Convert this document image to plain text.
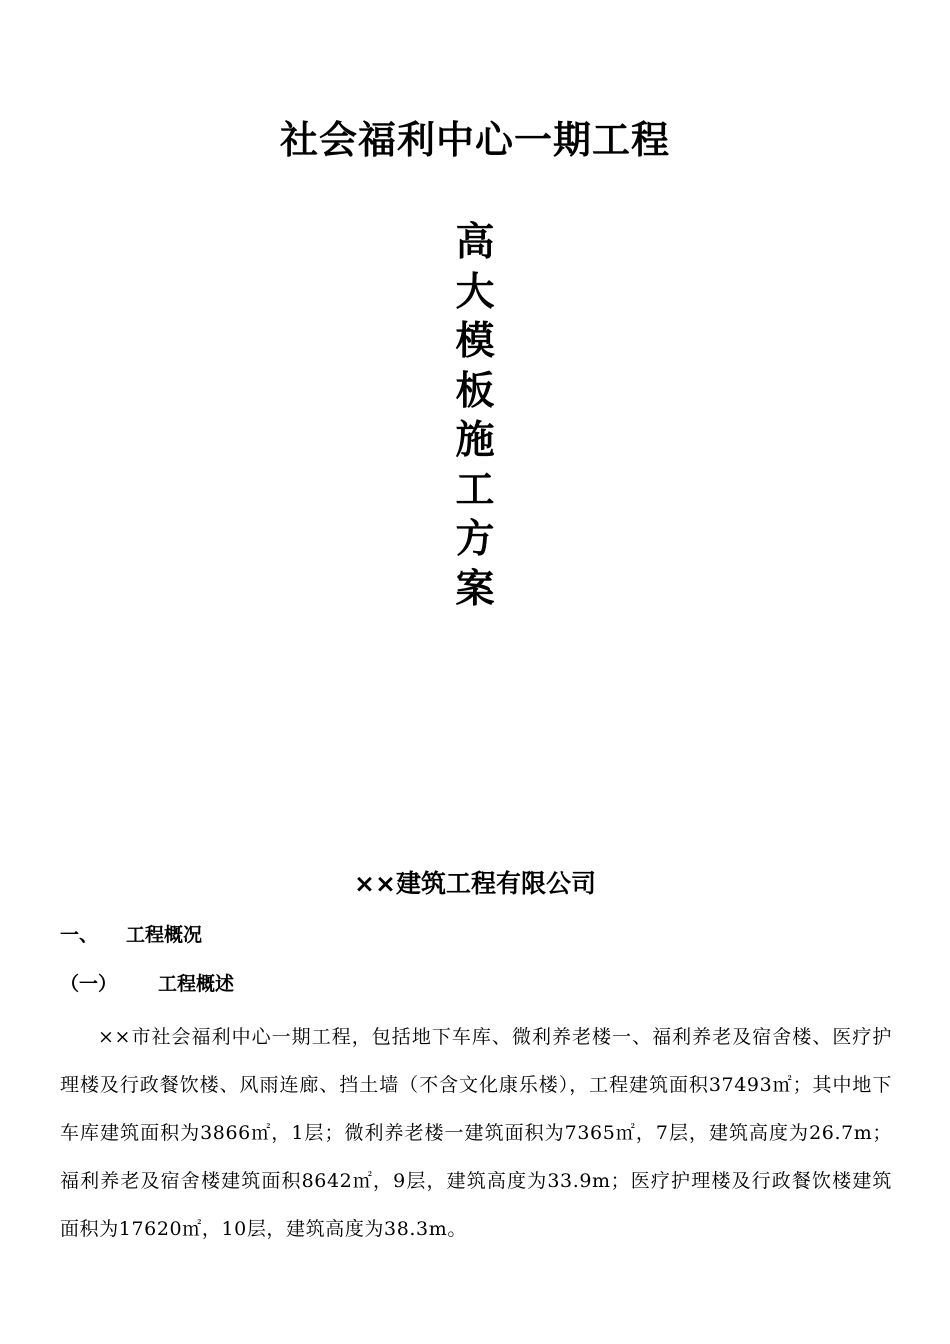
社会福利中心一期工程
高
大
模
板
施
工
方
案
××建筑工程有限公司
一、 工程概况
（一） 工程概述

××市社会福利中心一期工程，包括地下车库、微利养老楼一、福利养老及宿舍楼、医疗护理楼及行政餐饮楼、风雨连廊、挡土墙（不含文化康乐楼），工程建筑面积37493㎡；其中地下车库建筑面积为3866㎡，1层；微利养老楼一建筑面积为7365㎡，7层，建筑高度为26.7m；福利养老及宿舍楼建筑面积8642㎡，9层，建筑高度为33.9m；医疗护理楼及行政餐饮楼建筑面积为17620㎡，10层，建筑高度为38.3m。
